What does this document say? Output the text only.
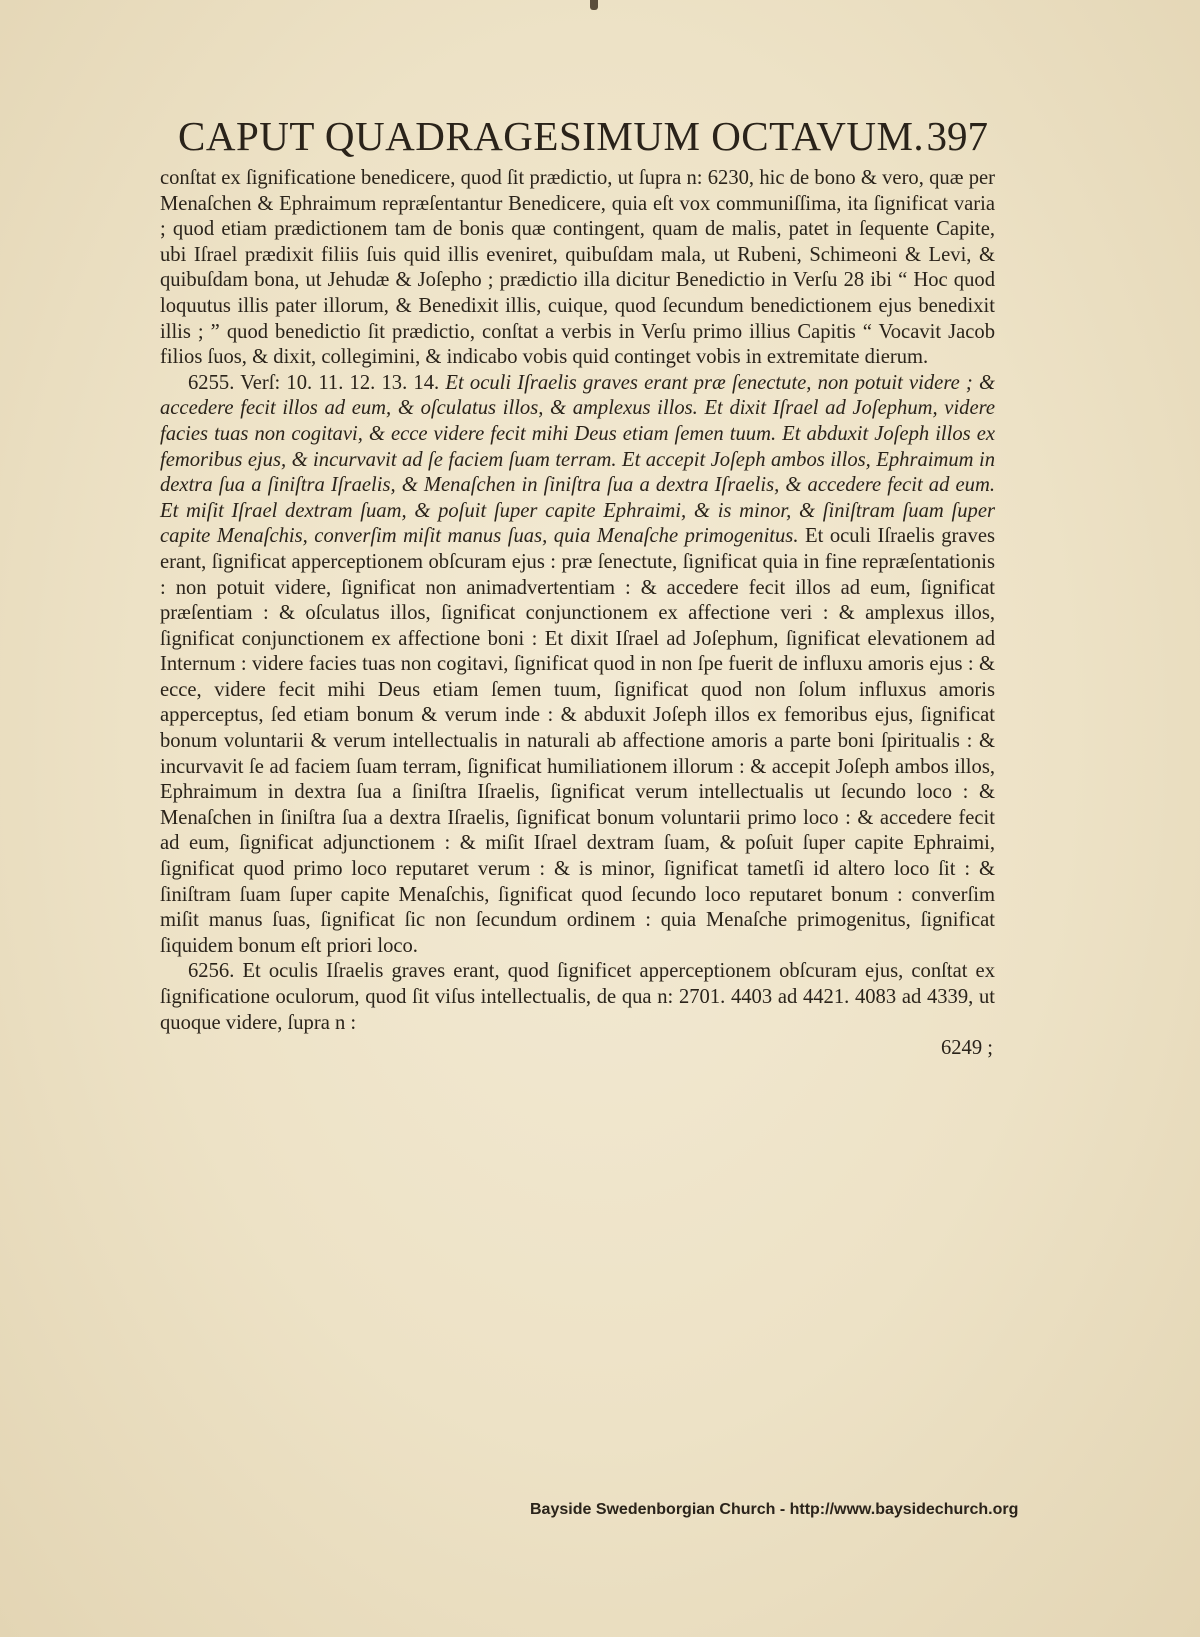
CAPUT QUADRAGESIMUM OCTAVUM. 397

conſtat ex ſignificatione benedicere, quod ſit prædictio, ut ſupra n: 6230, hic de bono & vero, quæ per Menaſchen & Ephraimum repræſentantur Benedicere, quia eſt vox communiſſima, ita ſignificat varia ; quod etiam prædictionem tam de bonis quæ contingent, quam de malis, patet in ſequente Capite, ubi Iſrael prædixit filiis ſuis quid illis eveniret, quibuſdam mala, ut Rubeni, Schimeoni & Levi, & quibuſdam bona, ut Jehudæ & Joſepho ; prædictio illa dicitur Benedictio in Verſu 28 ibi “ Hoc quod loquutus illis pater illorum, & Benedixit illis, cuique, quod ſecundum benedictionem ejus benedixit illis ; ” quod benedictio ſit prædictio, conſtat a verbis in Verſu primo illius Capitis “ Vocavit Jacob filios ſuos, & dixit, collegimini, & indicabo vobis quid continget vobis in extremitate dierum.

6255. Verſ: 10. 11. 12. 13. 14. Et oculi Iſraelis graves erant præ ſenectute, non potuit videre ; & accedere fecit illos ad eum, & oſculatus illos, & amplexus illos. Et dixit Iſrael ad Joſephum, videre facies tuas non cogitavi, & ecce videre fecit mihi Deus etiam ſemen tuum. Et abduxit Joſeph illos ex femoribus ejus, & incurvavit ad ſe faciem ſuam terram. Et accepit Joſeph ambos illos, Ephraimum in dextra ſua a ſiniſtra Iſraelis, & Menaſchen in ſiniſtra ſua a dextra Iſraelis, & accedere fecit ad eum. Et miſit Iſrael dextram ſuam, & poſuit ſuper capite Ephraimi, & is minor, & ſiniſtram ſuam ſuper capite Menaſchis, converſim miſit manus ſuas, quia Menaſche primogenitus. Et oculi Iſraelis graves erant, ſignificat apperceptionem obſcuram ejus : præ ſenectute, ſignificat quia in fine repræſentationis : non potuit videre, ſignificat non animadvertentiam : & accedere fecit illos ad eum, ſignificat præſentiam : & oſculatus illos, ſignificat conjunctionem ex affectione veri : & amplexus illos, ſignificat conjunctionem ex affectione boni : Et dixit Iſrael ad Joſephum, ſignificat elevationem ad Internum : videre facies tuas non cogitavi, ſignificat quod in non ſpe fuerit de influxu amoris ejus : & ecce, videre fecit mihi Deus etiam ſemen tuum, ſignificat quod non ſolum influxus amoris apperceptus, ſed etiam bonum & verum inde : & abduxit Joſeph illos ex femoribus ejus, ſignificat bonum voluntarii & verum intellectualis in naturali ab affectione amoris a parte boni ſpiritualis : & incurvavit ſe ad faciem ſuam terram, ſignificat humiliationem illorum : & accepit Joſeph ambos illos, Ephraimum in dextra ſua a ſiniſtra Iſraelis, ſignificat verum intellectualis ut ſecundo loco : & Menaſchen in ſiniſtra ſua a dextra Iſraelis, ſignificat bonum voluntarii primo loco : & accedere fecit ad eum, ſignificat adjunctionem : & miſit Iſrael dextram ſuam, & poſuit ſuper capite Ephraimi, ſignificat quod primo loco reputaret verum : & is minor, ſignificat tametſi id altero loco ſit : & ſiniſtram ſuam ſuper capite Menaſchis, ſignificat quod ſecundo loco reputaret bonum : converſim miſit manus ſuas, ſignificat ſic non ſecundum ordinem : quia Menaſche primogenitus, ſignificat ſiquidem bonum eſt priori loco.

6256. Et oculis Iſraelis graves erant, quod ſignificet apperceptionem obſcuram ejus, conſtat ex ſignificatione oculorum, quod ſit viſus intellectualis, de qua n: 2701. 4403 ad 4421. 4083 ad 4339, ut quoque videre, ſupra n :

6249 ;
Bayside Swedenborgian Church - http://www.baysidechurch.org
